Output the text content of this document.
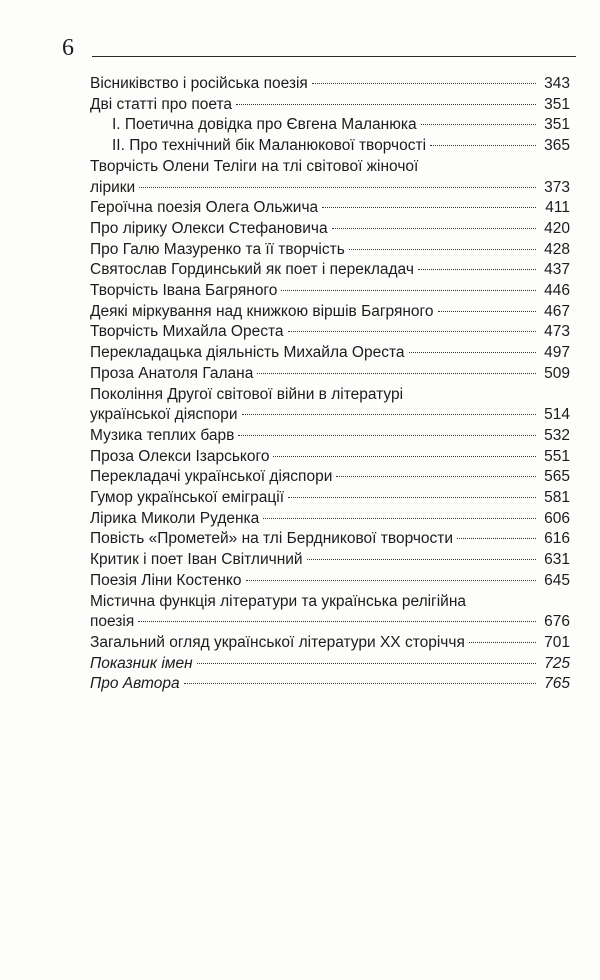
6
Вісниківство і російська поезія	343
Дві статті про поета	351
I. Поетична довідка про Євгена Маланюка	351
II. Про технічний бік Маланюкової творчості	365
Творчість Олени Теліги на тлі світової жіночої
лірики	373
Героїчна поезія Олега Ольжича	411
Про лірику Олекси Стефановича	420
Про Галю Мазуренко та її творчість	428
Святослав Гординський як поет і перекладач	437
Творчість Івана Багряного	446
Деякі міркування над книжкою віршів Багряного	467
Творчість Михайла Ореста	473
Перекладацька діяльність Михайла Ореста	497
Проза Анатоля Галана	509
Покоління Другої світової війни в літературі
української діяспори	514
Музика теплих барв	532
Проза Олекси Ізарського	551
Перекладачі української діяспори	565
Гумор української еміграції	581
Лірика Миколи Руденка	606
Повість «Прометей» на тлі Бердникової творчости	616
Критик і поет Іван Світличний	631
Поезія Ліни Костенко	645
Містична функція літератури та українська релігійна
поезія	676
Загальний огляд української літератури XX сторіччя	701
Показник імен	725
Про Автора	765
